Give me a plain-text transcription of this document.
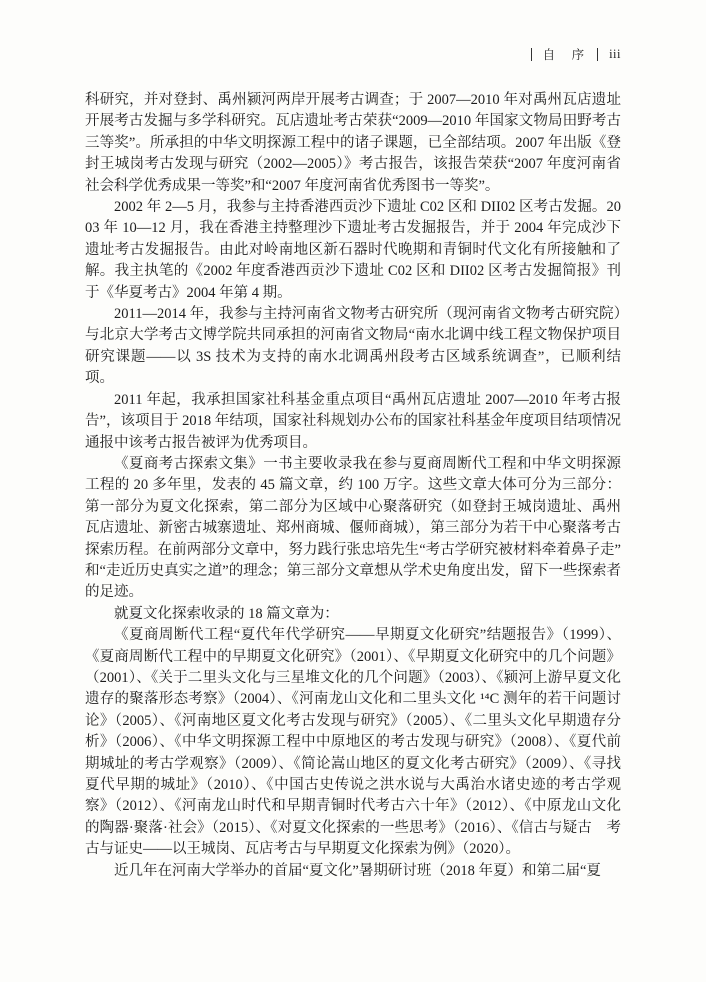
自　序 iii

科研究，并对登封、禹州颍河两岸开展考古调查；于 2007—2010 年对禹州瓦店遗址开展考古发掘与多学科研究。瓦店遗址考古荣获“2009—2010 年国家文物局田野考古三等奖”。所承担的中华文明探源工程中的诸子课题，已全部结项。2007 年出版《登封王城岗考古发现与研究（2002—2005）》考古报告，该报告荣获“2007 年度河南省社会科学优秀成果一等奖”和“2007 年度河南省优秀图书一等奖”。

2002 年 2—5 月，我参与主持香港西贡沙下遗址 C02 区和 DII02 区考古发掘。2003 年 10—12 月，我在香港主持整理沙下遗址考古发掘报告，并于 2004 年完成沙下遗址考古发掘报告。由此对岭南地区新石器时代晚期和青铜时代文化有所接触和了解。我主执笔的《2002 年度香港西贡沙下遗址 C02 区和 DII02 区考古发掘简报》刊于《华夏考古》2004 年第 4 期。

2011—2014 年，我参与主持河南省文物考古研究所（现河南省文物考古研究院）与北京大学考古文博学院共同承担的河南省文物局“南水北调中线工程文物保护项目研究课题——以 3S 技术为支持的南水北调禹州段考古区域系统调查”，已顺利结项。

2011 年起，我承担国家社科基金重点项目“禹州瓦店遗址 2007—2010 年考古报告”，该项目于 2018 年结项，国家社科规划办公布的国家社科基金年度项目结项情况通报中该考古报告被评为优秀项目。

《夏商考古探索文集》一书主要收录我在参与夏商周断代工程和中华文明探源工程的 20 多年里，发表的 45 篇文章，约 100 万字。这些文章大体可分为三部分：第一部分为夏文化探索，第二部分为区域中心聚落研究（如登封王城岗遗址、禹州瓦店遗址、新密古城寨遗址、郑州商城、偃师商城），第三部分为若干中心聚落考古探索历程。在前两部分文章中，努力践行张忠培先生“考古学研究被材料牵着鼻子走”和“走近历史真实之道”的理念；第三部分文章想从学术史角度出发，留下一些探索者的足迹。

就夏文化探索收录的 18 篇文章为：

《夏商周断代工程“夏代年代学研究——早期夏文化研究”结题报告》（1999）、《夏商周断代工程中的早期夏文化研究》（2001）、《早期夏文化研究中的几个问题》（2001）、《关于二里头文化与三星堆文化的几个问题》（2003）、《颍河上游早夏文化遗存的聚落形态考察》（2004）、《河南龙山文化和二里头文化 ¹⁴C 测年的若干问题讨论》（2005）、《河南地区夏文化考古发现与研究》（2005）、《二里头文化早期遗存分析》（2006）、《中华文明探源工程中中原地区的考古发现与研究》（2008）、《夏代前期城址的考古学观察》（2009）、《简论嵩山地区的夏文化考古研究》（2009）、《寻找夏代早期的城址》（2010）、《中国古史传说之洪水说与大禹治水诸史迹的考古学观察》（2012）、《河南龙山时代和早期青铜时代考古六十年》（2012）、《中原龙山文化的陶器·聚落·社会》（2015）、《对夏文化探索的一些思考》（2016）、《信古与疑古　考古与证史——以王城岗、瓦店考古与早期夏文化探索为例》（2020）。

近几年在河南大学举办的首届“夏文化”暑期研讨班（2018 年夏）和第二届“夏
